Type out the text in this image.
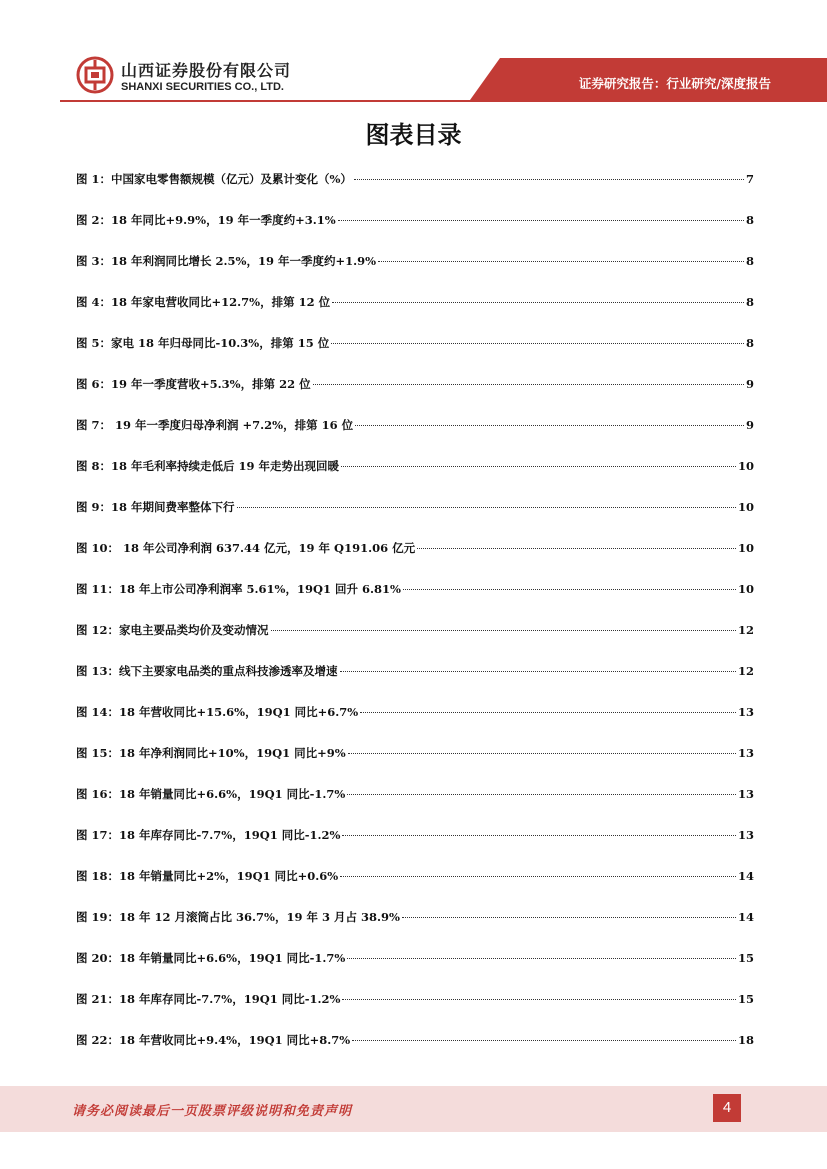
山西证券股份有限公司
SHANXI SECURITIES CO., LTD.	证券研究报告：行业研究/深度报告
图表目录
图 1：中国家电零售额规模（亿元）及累计变化（%）	7
图 2：18 年同比+9.9%，19 年一季度约+3.1%	8
图 3：18 年利润同比增长 2.5%，19 年一季度约+1.9%	8
图 4：18 年家电营收同比+12.7%，排第 12 位	8
图 5：家电 18 年归母同比-10.3%，排第 15 位	8
图 6：19 年一季度营收+5.3%，排第 22 位	9
图 7： 19 年一季度归母净利润 +7.2%，排第 16 位	9
图 8：18 年毛利率持续走低后 19 年走势出现回暖	10
图 9：18 年期间费率整体下行	10
图 10： 18 年公司净利润 637.44 亿元，19 年 Q191.06 亿元	10
图 11：18 年上市公司净利润率 5.61%，19Q1 回升 6.81%	10
图 12：家电主要品类均价及变动情况	12
图 13：线下主要家电品类的重点科技渗透率及增速	12
图 14：18 年营收同比+15.6%，19Q1 同比+6.7%	13
图 15：18 年净利润同比+10%，19Q1 同比+9%	13
图 16：18 年销量同比+6.6%，19Q1 同比-1.7%	13
图 17：18 年库存同比-7.7%，19Q1 同比-1.2%	13
图 18：18 年销量同比+2%，19Q1 同比+0.6%	14
图 19：18 年 12 月滚筒占比 36.7%，19 年 3 月占 38.9%	14
图 20：18 年销量同比+6.6%，19Q1 同比-1.7%	15
图 21：18 年库存同比-7.7%，19Q1 同比-1.2%	15
图 22：18 年营收同比+9.4%，19Q1 同比+8.7%	18
请务必阅读最后一页股票评级说明和免责声明	4
